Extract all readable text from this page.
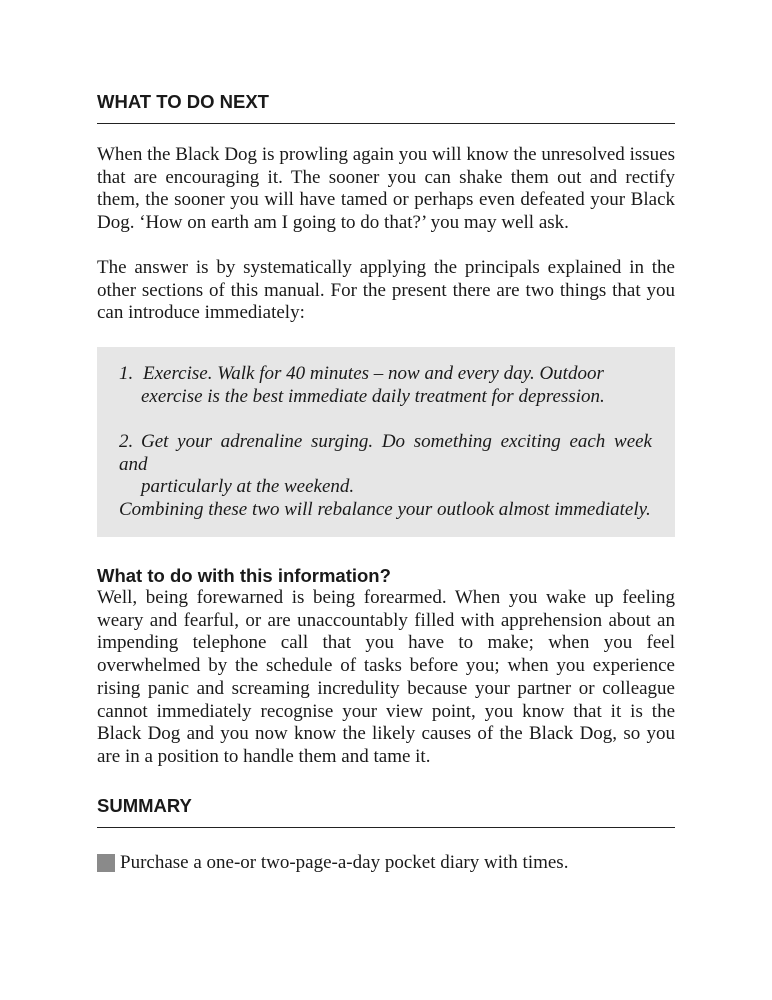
WHAT TO DO NEXT

When the Black Dog is prowling again you will know the unresolved issues that are encouraging it. The sooner you can shake them out and rectify them, the sooner you will have tamed or perhaps even defeated your Black Dog. ‘How on earth am I going to do that?’ you may well ask.

The answer is by systematically applying the principals explained in the other sections of this manual. For the present there are two things that you can introduce immediately:

1. Exercise. Walk for 40 minutes – now and every day. Outdoor
exercise is the best immediate daily treatment for depression.

2. Get your adrenaline surging. Do something exciting each week and
particularly at the weekend.

Combining these two will rebalance your outlook almost immediately.

What to do with this information?

Well, being forewarned is being forearmed. When you wake up feeling weary and fearful, or are unaccountably filled with apprehension about an impending telephone call that you have to make; when you feel overwhelmed by the schedule of tasks before you; when you experience rising panic and screaming incredulity because your partner or colleague cannot immediately recognise your view point, you know that it is the Black Dog and you now know the likely causes of the Black Dog, so you are in a position to handle them and tame it.

SUMMARY
Purchase a one-or two-page-a-day pocket diary with times.
